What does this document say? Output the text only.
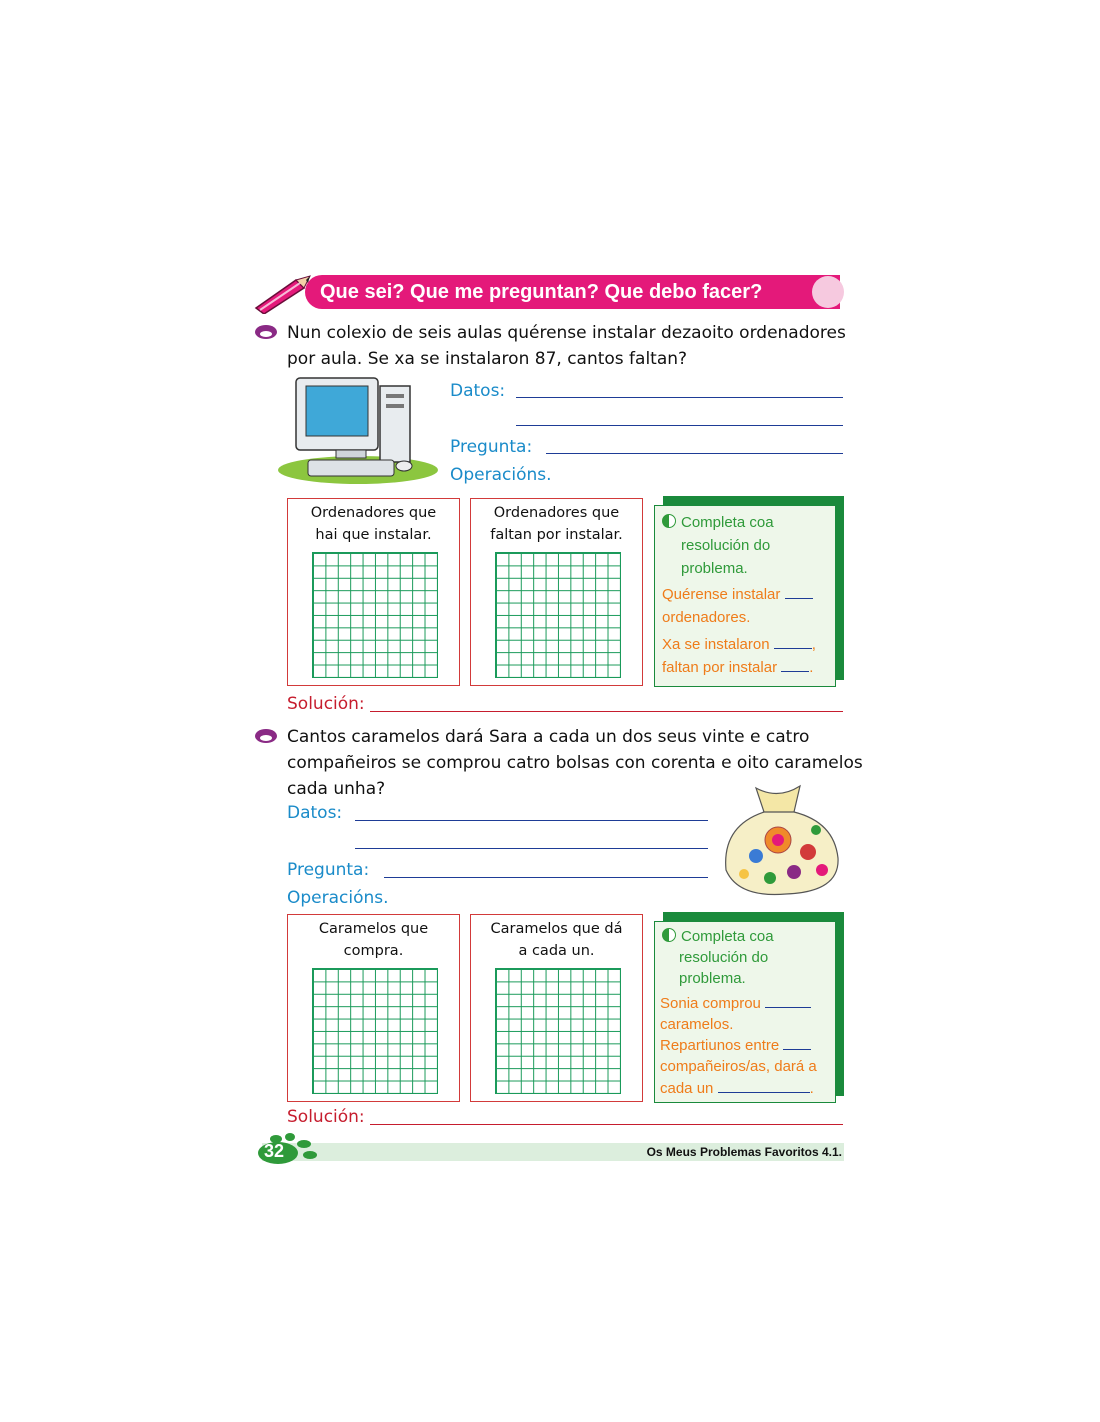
Que sei? Que me preguntan? Que debo facer?
Nun colexio de seis aulas quérense instalar dezaoito ordenadores
por aula. Se xa se instalaron 87, cantos faltan?
Datos:
Pregunta:
Operacións.
Ordenadores que
hai que instalar.
Ordenadores que
faltan por instalar.
Completa coa
resolución do
problema.
Quérense instalar
ordenadores.
Xa se instalaron	,
faltan por instalar .
Solución:
Cantos caramelos dará Sara a cada un dos seus vinte e catro
compañeiros se comprou catro bolsas con corenta e oito caramelos
cada unha?
Datos:
Pregunta:
Operacións.
Caramelos que
compra.
Caramelos que dá
a cada un.
Completa coa
resolución do
problema.
Sonia comprou
caramelos.
Repartiunos entre
compañeiros/as, dará a
cada un	.
Solución:
32	Os Meus Problemas Favoritos 4.1.
